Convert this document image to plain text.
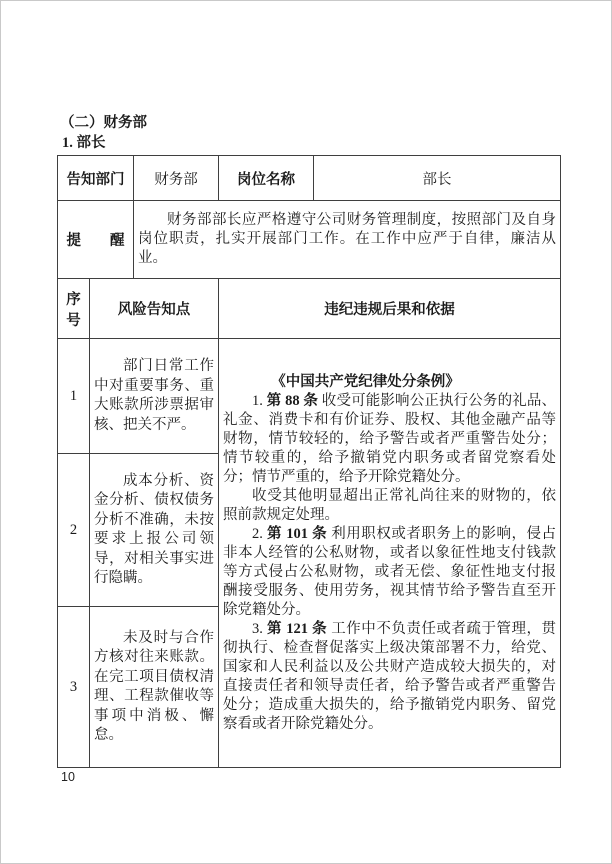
（二）财务部
1. 部长
告知部门		财务部	岗位名称	部长
提　　醒		财务部部长应严格遵守公司财务管理制度，按照部门及自身岗位职责，扎实开展部门工作。在工作中应严于自律，廉洁从业。		

序号	风险告知点		违纪违规后果和依据	
1	部门日常工作中对重要事务、重大账款所涉票据审核、把关不严。		《中国共产党纪律处分条例》

1. 第 88 条 收受可能影响公正执行公务的礼品、礼金、消费卡和有价证券、股权、其他金融产品等财物，情节较轻的，给予警告或者严重警告处分；情节较重的，给予撤销党内职务或者留党察看处分；情节严重的，给予开除党籍处分。

收受其他明显超出正常礼尚往来的财物的，依照前款规定处理。

2. 第 101 条 利用职权或者职务上的影响，侵占非本人经管的公私财物，或者以象征性地支付钱款等方式侵占公私财物，或者无偿、象征性地支付报酬接受服务、使用劳务，视其情节给予警告直至开除党籍处分。

3. 第 121 条 工作中不负责任或者疏于管理，贯彻执行、检查督促落实上级决策部署不力，给党、国家和人民利益以及公共财产造成较大损失的，对直接责任者和领导责任者，给予警告或者严重警告处分；造成重大损失的，给予撤销党内职务、留党察看或者开除党籍处分。	

2	成本分析、资金分析、债权债务分析不准确，未按要求上报公司领导，对相关事实进行隐瞒。			

3	未及时与合作方核对往来账款。在完工项目债权清理、工程款催收等事项中消极、懈怠。			
10
